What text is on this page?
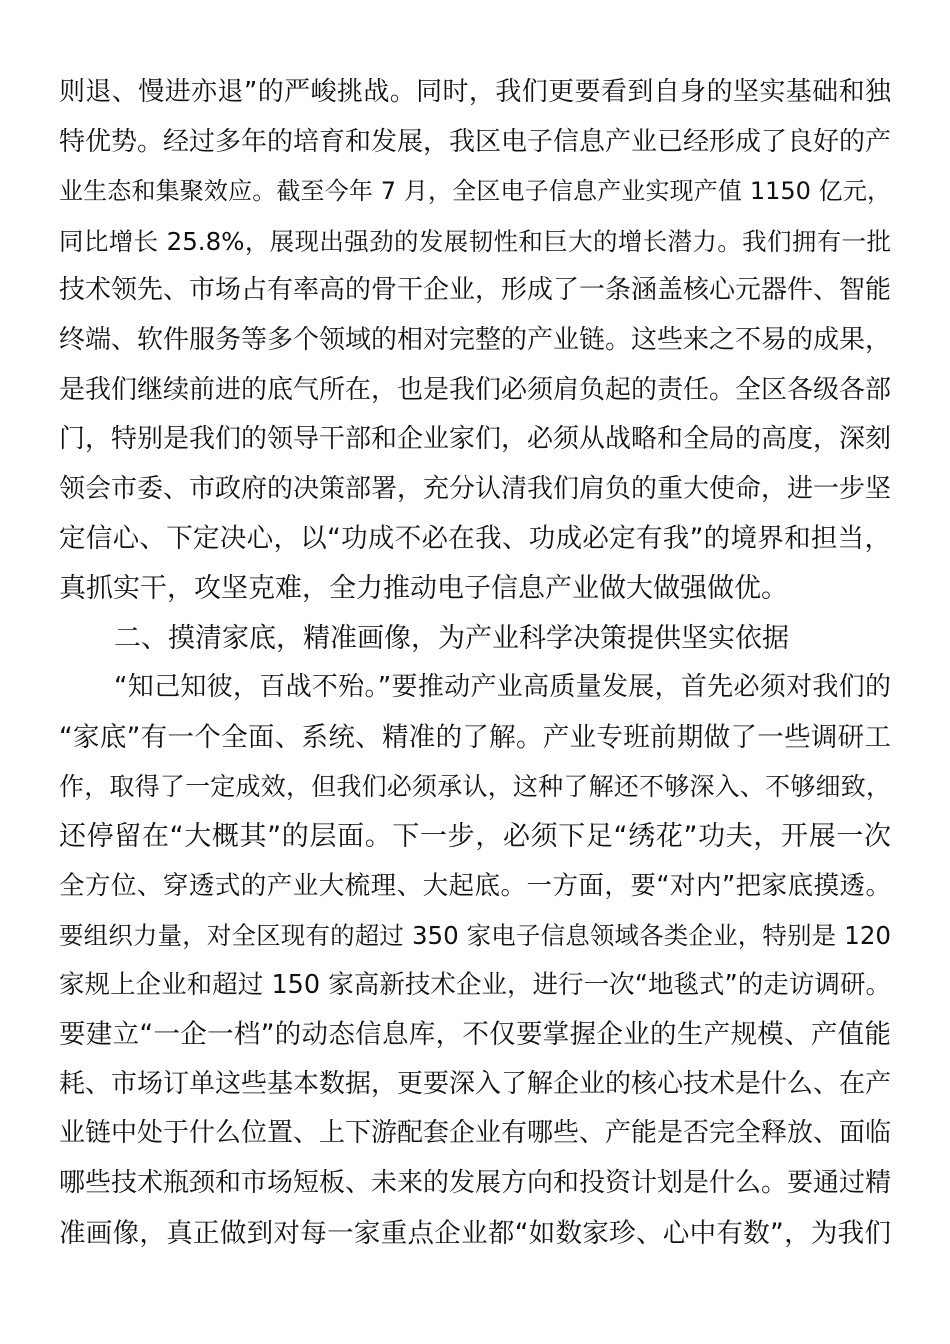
则退、慢进亦退”的严峻挑战。同时，我们更要看到自身的坚实基础和独
特优势。经过多年的培育和发展，我区电子信息产业已经形成了良好的产
业生态和集聚效应。截至今年 7 月，全区电子信息产业实现产值 1150 亿元，
同比增长 25.8%，展现出强劲的发展韧性和巨大的增长潜力。我们拥有一批
技术领先、市场占有率高的骨干企业，形成了一条涵盖核心元器件、智能
终端、软件服务等多个领域的相对完整的产业链。这些来之不易的成果，
是我们继续前进的底气所在，也是我们必须肩负起的责任。全区各级各部
门，特别是我们的领导干部和企业家们，必须从战略和全局的高度，深刻
领会市委、市政府的决策部署，充分认清我们肩负的重大使命，进一步坚
定信心、下定决心，以“功成不必在我、功成必定有我”的境界和担当，
真抓实干，攻坚克难，全力推动电子信息产业做大做强做优。
二、摸清家底，精准画像，为产业科学决策提供坚实依据
“知己知彼，百战不殆。”要推动产业高质量发展，首先必须对我们的
“家底”有一个全面、系统、精准的了解。产业专班前期做了一些调研工
作，取得了一定成效，但我们必须承认，这种了解还不够深入、不够细致，
还停留在“大概其”的层面。下一步，必须下足“绣花”功夫，开展一次
全方位、穿透式的产业大梳理、大起底。一方面，要“对内”把家底摸透。
要组织力量，对全区现有的超过 350 家电子信息领域各类企业，特别是 120
家规上企业和超过 150 家高新技术企业，进行一次“地毯式”的走访调研。
要建立“一企一档”的动态信息库，不仅要掌握企业的生产规模、产值能
耗、市场订单这些基本数据，更要深入了解企业的核心技术是什么、在产
业链中处于什么位置、上下游配套企业有哪些、产能是否完全释放、面临
哪些技术瓶颈和市场短板、未来的发展方向和投资计划是什么。要通过精
准画像，真正做到对每一家重点企业都“如数家珍、心中有数”，为我们
